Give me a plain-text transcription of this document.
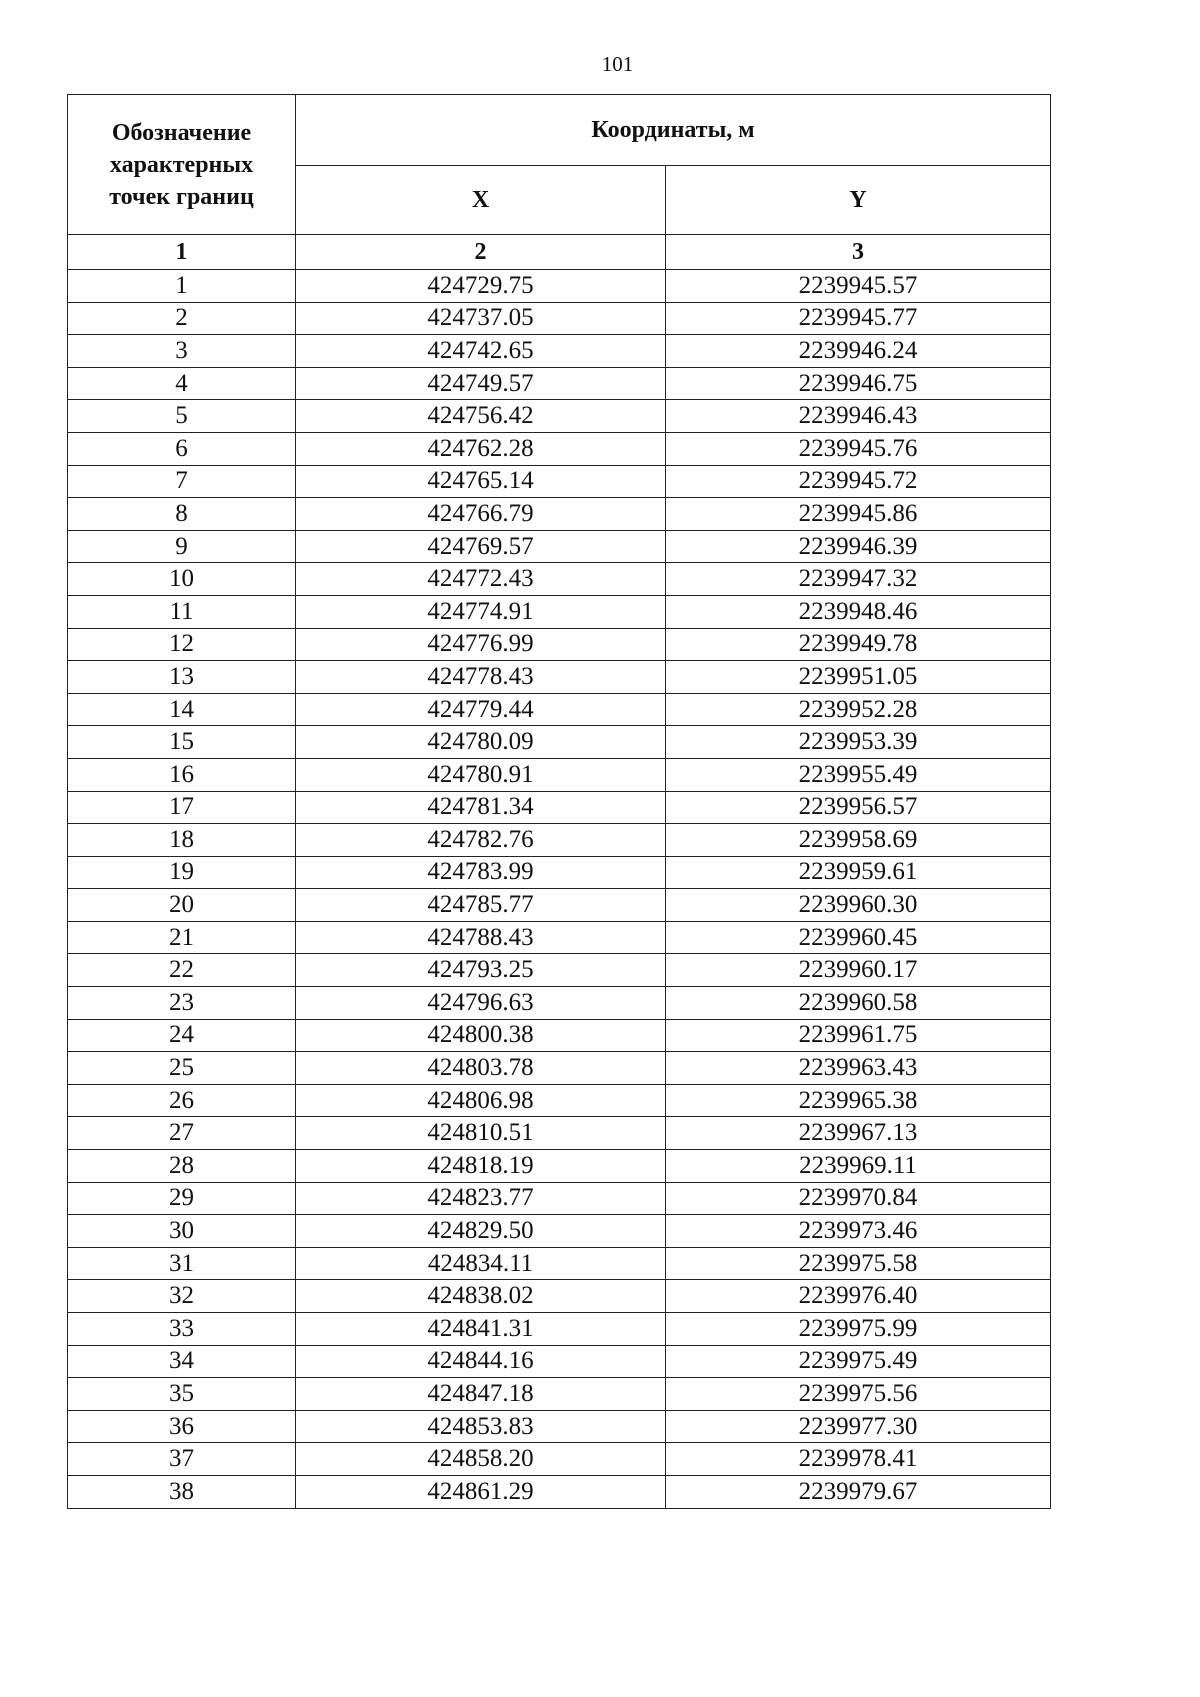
101
Обозначение
характерных
точек границ	Координаты, м	
	X	Y
1	2	3
1	424729.75	2239945.57
2	424737.05	2239945.77
3	424742.65	2239946.24
4	424749.57	2239946.75
5	424756.42	2239946.43
6	424762.28	2239945.76
7	424765.14	2239945.72
8	424766.79	2239945.86
9	424769.57	2239946.39
10	424772.43	2239947.32
11	424774.91	2239948.46
12	424776.99	2239949.78
13	424778.43	2239951.05
14	424779.44	2239952.28
15	424780.09	2239953.39
16	424780.91	2239955.49
17	424781.34	2239956.57
18	424782.76	2239958.69
19	424783.99	2239959.61
20	424785.77	2239960.30
21	424788.43	2239960.45
22	424793.25	2239960.17
23	424796.63	2239960.58
24	424800.38	2239961.75
25	424803.78	2239963.43
26	424806.98	2239965.38
27	424810.51	2239967.13
28	424818.19	2239969.11
29	424823.77	2239970.84
30	424829.50	2239973.46
31	424834.11	2239975.58
32	424838.02	2239976.40
33	424841.31	2239975.99
34	424844.16	2239975.49
35	424847.18	2239975.56
36	424853.83	2239977.30
37	424858.20	2239978.41
38	424861.29	2239979.67
